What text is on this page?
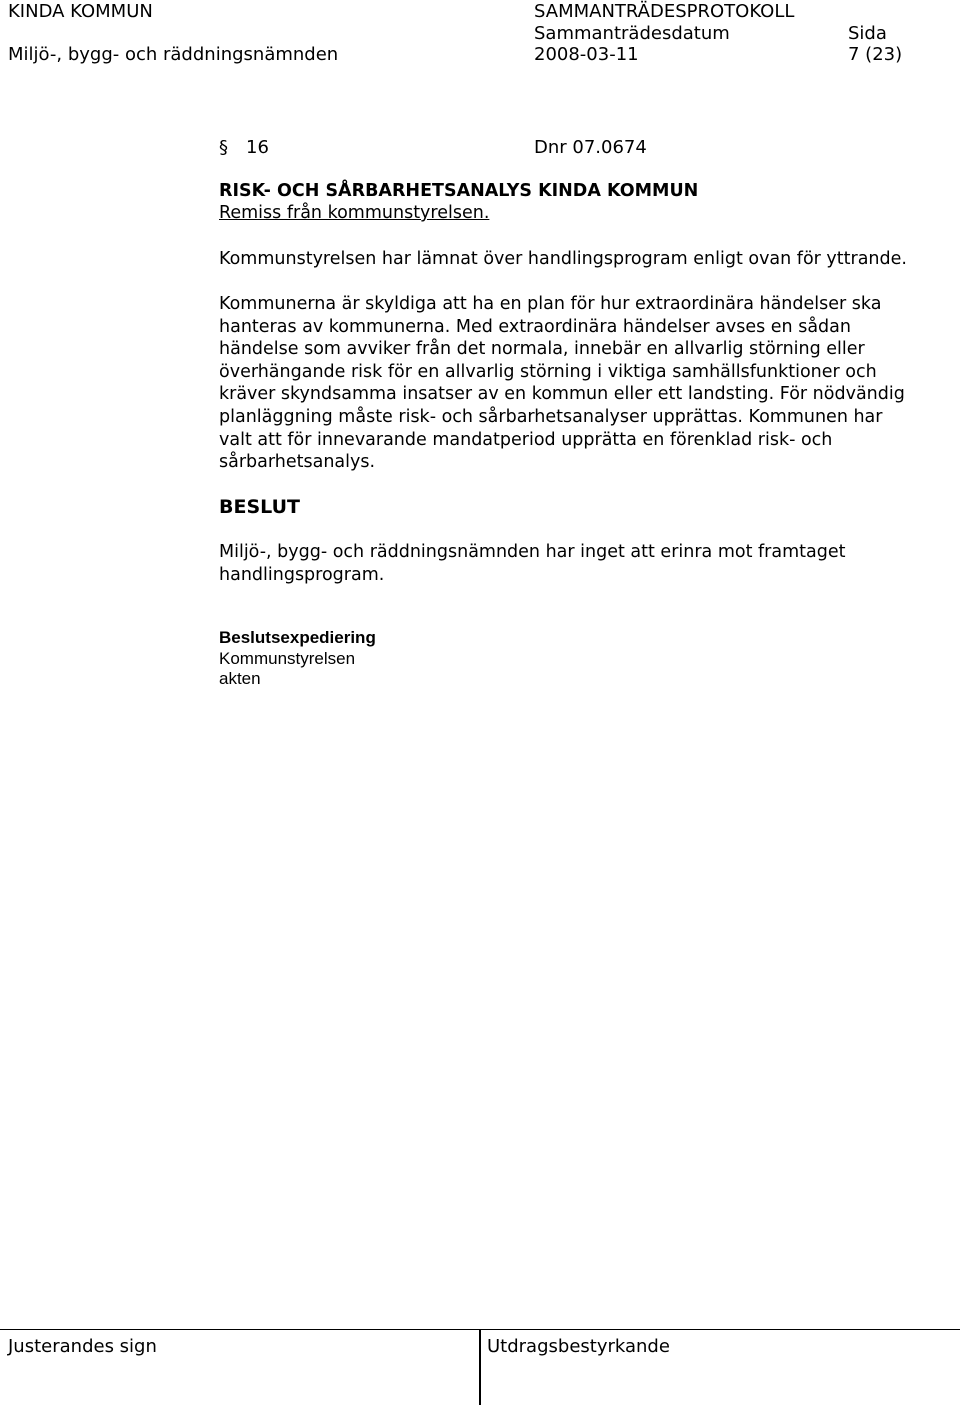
KINDA KOMMUN	SAMMANTRÄDESPROTOKOLL
Miljö-, bygg- och räddningsnämnden
Sammanträdesdatum
2008-03-11
Sida
7 (23)
§ 16	Dnr 07.0674
RISK- OCH SÅRBARHETSANALYS KINDA KOMMUN
Remiss från kommunstyrelsen.
Kommunstyrelsen har lämnat över handlingsprogram enligt ovan för yttrande.
Kommunerna är skyldiga att ha en plan för hur extraordinära händelser ska
hanteras av kommunerna. Med extraordinära händelser avses en sådan
händelse som avviker från det normala, innebär en allvarlig störning eller
överhängande risk för en allvarlig störning i viktiga samhällsfunktioner och
kräver skyndsamma insatser av en kommun eller ett landsting. För nödvändig
planläggning måste risk- och sårbarhetsanalyser upprättas. Kommunen har
valt att för innevarande mandatperiod upprätta en förenklad risk- och
sårbarhetsanalys.
BESLUT
Miljö-, bygg- och räddningsnämnden har inget att erinra mot framtaget
handlingsprogram.
Beslutsexpediering
Kommunstyrelsen
akten
Justerandes sign	Utdragsbestyrkande
